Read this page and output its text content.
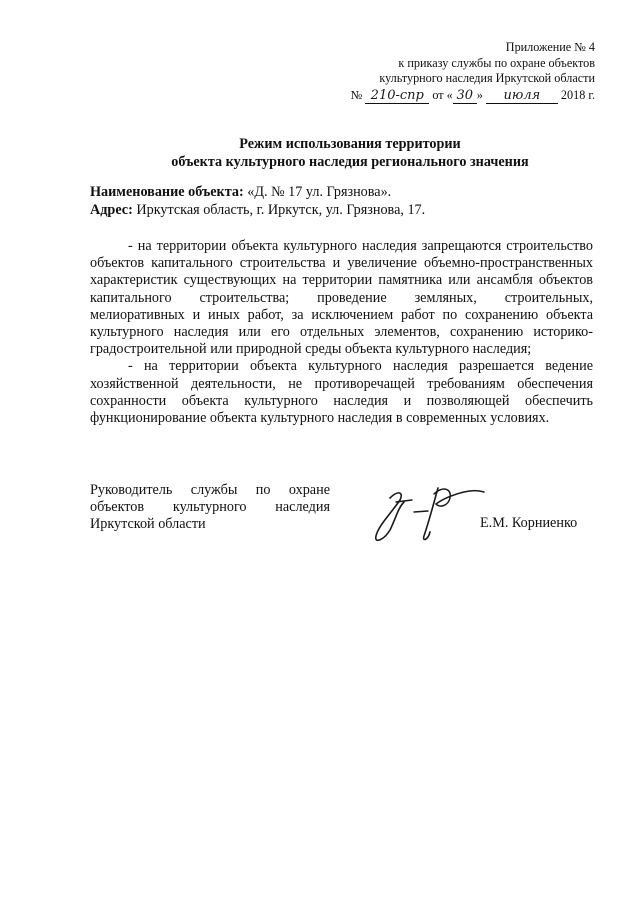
Приложение № 4
к приказу службы по охране объектов
культурного наследия Иркутской области
№ 210-спр от « 30 » июля 2018 г.
Режим использования территории
объекта культурного наследия регионального значения
Наименование объекта: «Д. № 17 ул. Грязнова».
Адрес: Иркутская область, г. Иркутск, ул. Грязнова, 17.

- на территории объекта культурного наследия запрещаются строительство объектов капитального строительства и увеличение объемно-пространственных характеристик существующих на территории памятника или ансамбля объектов капитального строительства; проведение земляных, строительных, мелиоративных и иных работ, за исключением работ по сохранению объекта культурного наследия или его отдельных элементов, сохранению историко-градостроительной или природной среды объекта культурного наследия;

- на территории объекта культурного наследия разрешается ведение хозяйственной деятельности, не противоречащей требованиям обеспечения сохранности объекта культурного наследия и позволяющей обеспечить функционирование объекта культурного наследия в современных условиях.

Руководитель службы по охране объектов культурного наследия Иркутской области	Е.М. Корниенко
